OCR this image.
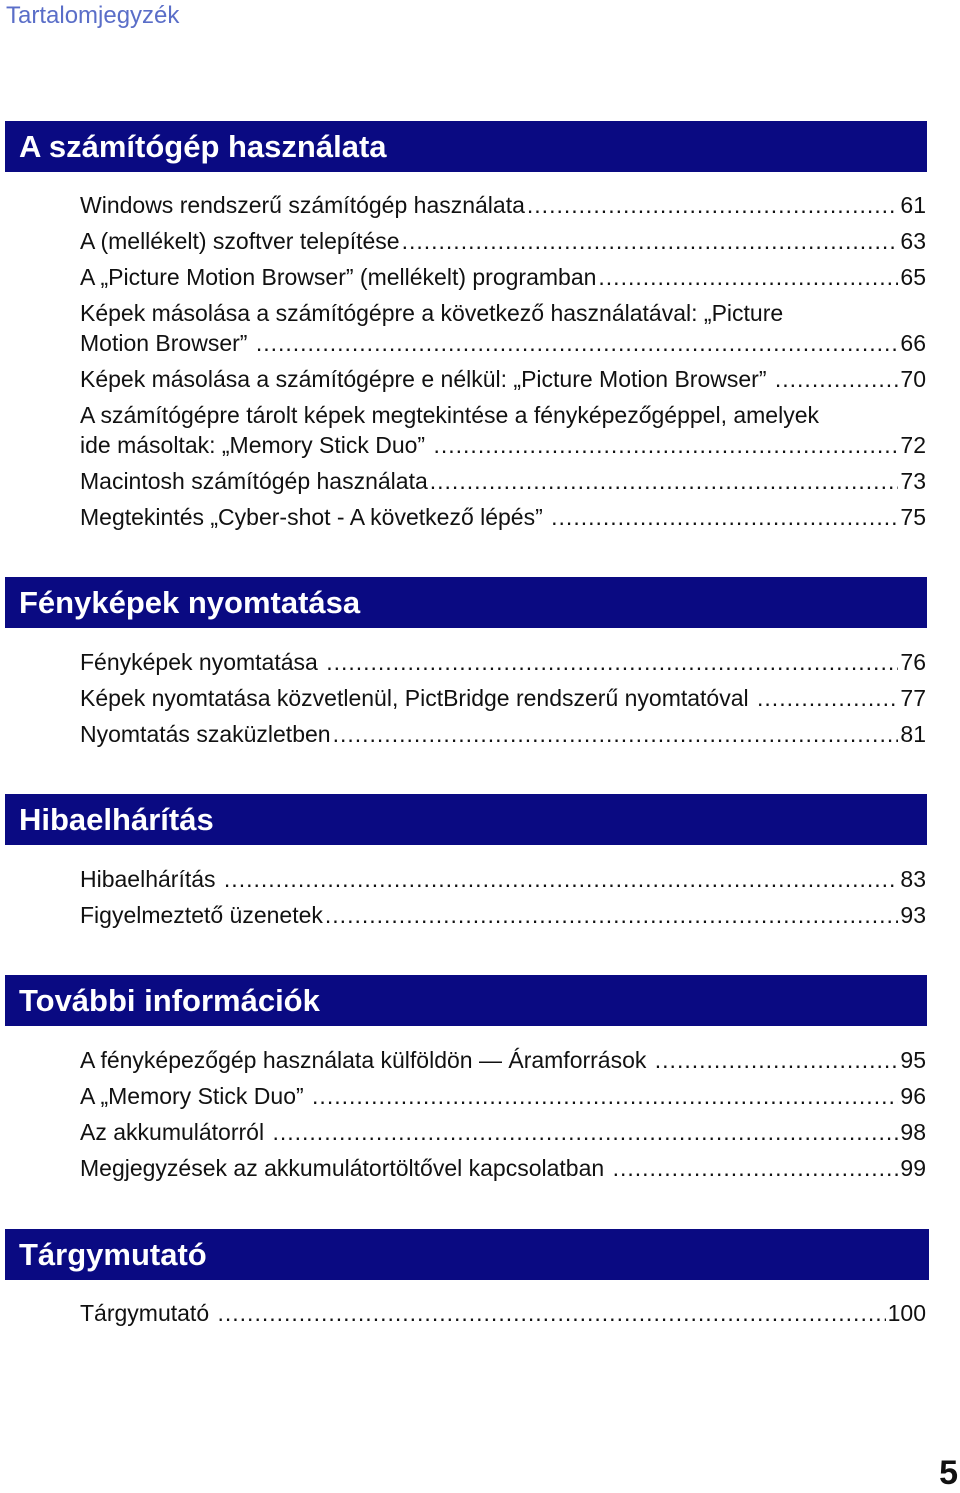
Tartalomjegyzék
A számítógép használata
Windows rendszerű számítógép használata .....	61
A (mellékelt) szoftver telepítése .....	63
A „Picture Motion Browser” (mellékelt) programban .....	65
Képek másolása a számítógépre a következő használatával: „Picture
Motion Browser” .....	66
Képek másolása a számítógépre e nélkül: „Picture Motion Browser” .....	70
A számítógépre tárolt képek megtekintése a fényképezőgéppel, amelyek
ide másoltak: „Memory Stick Duo” .....	72
Macintosh számítógép használata .....	73
Megtekintés „Cyber-shot - A következő lépés” .....	75
Fényképek nyomtatása
Fényképek nyomtatása .....	76
Képek nyomtatása közvetlenül, PictBridge rendszerű nyomtatóval .....	77
Nyomtatás szaküzletben .....	81
Hibaelhárítás
Hibaelhárítás .....	83
Figyelmeztető üzenetek .....	93
További információk
A fényképezőgép használata külföldön — Áramforrások .....	95
A „Memory Stick Duo” .....	96
Az akkumulátorról .....	98
Megjegyzések az akkumulátortöltővel kapcsolatban .....	99
Tárgymutató
Tárgymutató .....	100
5
